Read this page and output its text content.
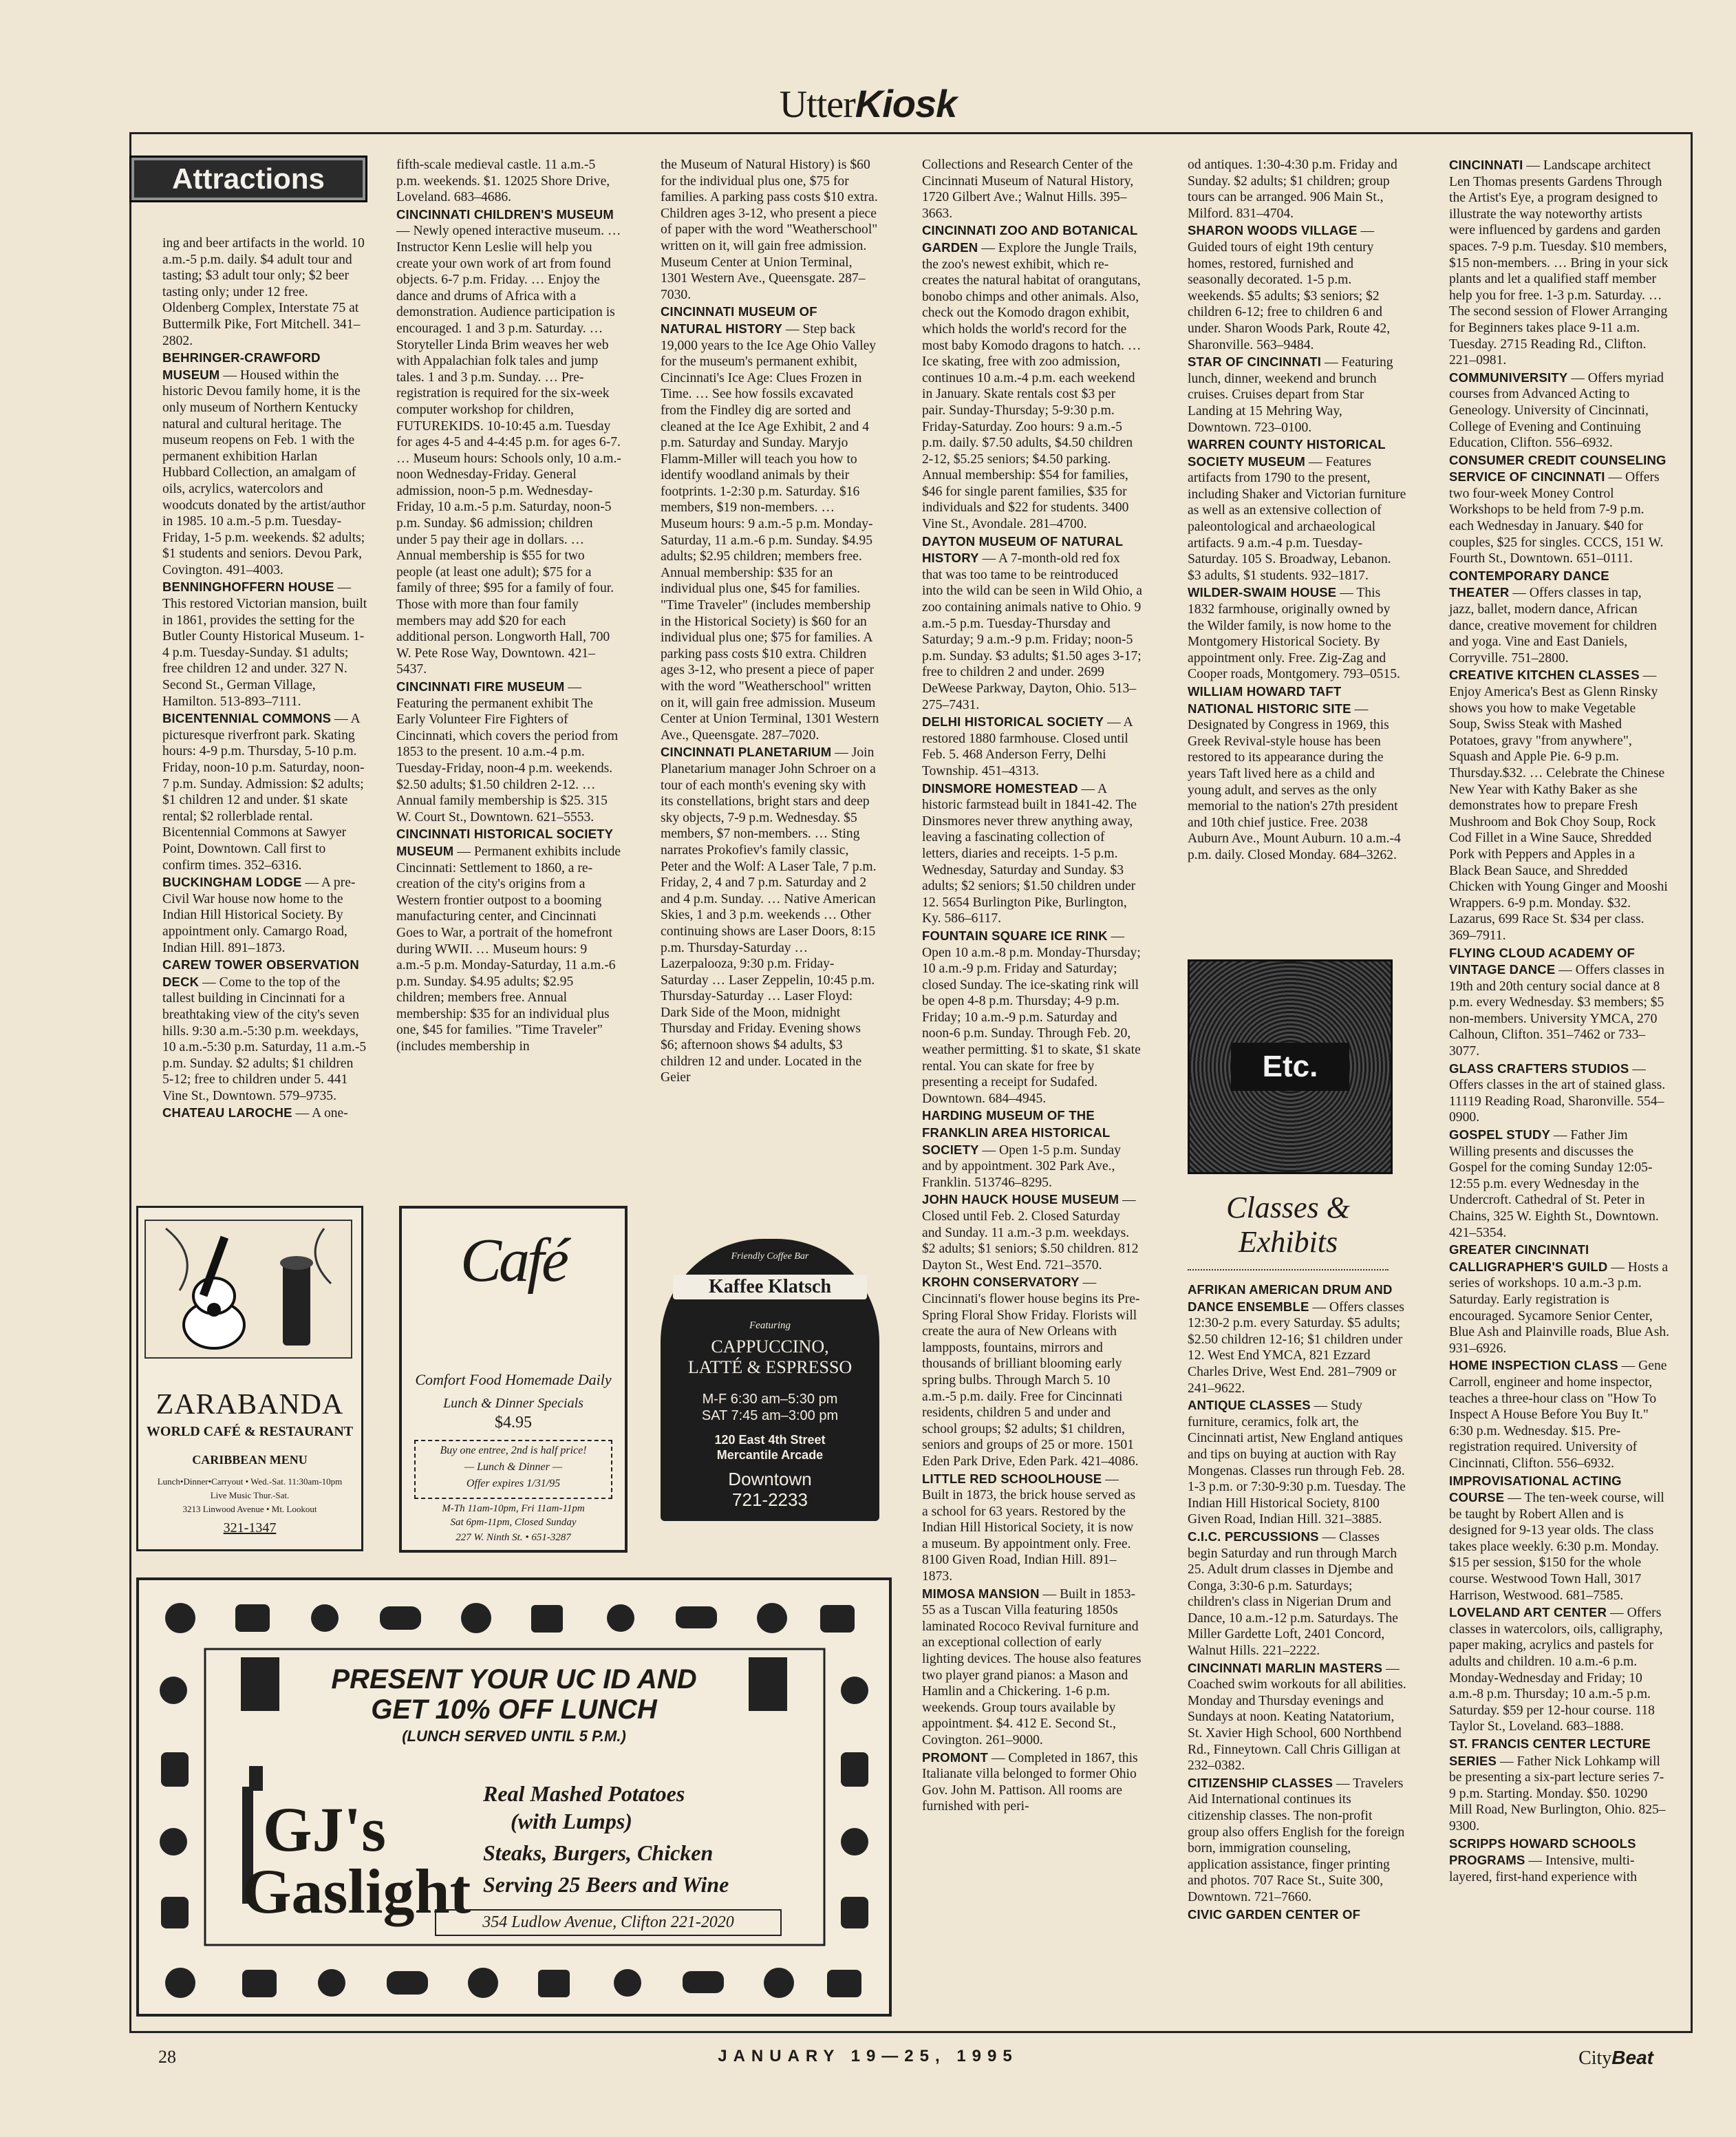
UtterKiosk
Attractions

ing and beer artifacts in the world. 10 a.m.-5 p.m. daily. $4 adult tour and tasting; $3 adult tour only; $2 beer tasting only; under 12 free. Oldenberg Complex, Interstate 75 at Buttermilk Pike, Fort Mitchell. 341–2802.

BEHRINGER-CRAWFORD MUSEUM — Housed within the historic Devou family home, it is the only museum of Northern Kentucky natural and cultural heritage. The museum reopens on Feb. 1 with the permanent exhibition Harlan Hubbard Collection, an amalgam of oils, acrylics, watercolors and woodcuts donated by the artist/author in 1985. 10 a.m.-5 p.m. Tuesday-Friday, 1-5 p.m. weekends. $2 adults; $1 students and seniors. Devou Park, Covington. 491–4003.

BENNINGHOFFERN HOUSE — This restored Victorian mansion, built in 1861, provides the setting for the Butler County Historical Museum. 1-4 p.m. Tuesday-Sunday. $1 adults; free children 12 and under. 327 N. Second St., German Village, Hamilton. 513-893–7111.

BICENTENNIAL COMMONS — A picturesque riverfront park. Skating hours: 4-9 p.m. Thursday, 5-10 p.m. Friday, noon-10 p.m. Saturday, noon-7 p.m. Sunday. Admission: $2 adults; $1 children 12 and under. $1 skate rental; $2 rollerblade rental. Bicentennial Commons at Sawyer Point, Downtown. Call first to confirm times. 352–6316.

BUCKINGHAM LODGE — A pre-Civil War house now home to the Indian Hill Historical Society. By appointment only. Camargo Road, Indian Hill. 891–1873.

CAREW TOWER OBSERVATION DECK — Come to the top of the tallest building in Cincinnati for a breathtaking view of the city's seven hills. 9:30 a.m.-5:30 p.m. weekdays, 10 a.m.-5:30 p.m. Saturday, 11 a.m.-5 p.m. Sunday. $2 adults; $1 children 5-12; free to children under 5. 441 Vine St., Downtown. 579–9735.

CHATEAU LAROCHE — A one-

fifth-scale medieval castle. 11 a.m.-5 p.m. weekends. $1. 12025 Shore Drive, Loveland. 683–4686.

CINCINNATI CHILDREN'S MUSEUM — Newly opened interactive museum. … Instructor Kenn Leslie will help you create your own work of art from found objects. 6-7 p.m. Friday. … Enjoy the dance and drums of Africa with a demonstration. Audience participation is encouraged. 1 and 3 p.m. Saturday. … Storyteller Linda Brim weaves her web with Appalachian folk tales and jump tales. 1 and 3 p.m. Sunday. … Pre-registration is required for the six-week computer workshop for children, FUTUREKIDS. 10-10:45 a.m. Tuesday for ages 4-5 and 4-4:45 p.m. for ages 6-7. … Museum hours: Schools only, 10 a.m.-noon Wednesday-Friday. General admission, noon-5 p.m. Wednesday-Friday, 10 a.m.-5 p.m. Saturday, noon-5 p.m. Sunday. $6 admission; children under 5 pay their age in dollars. … Annual membership is $55 for two people (at least one adult); $75 for a family of three; $95 for a family of four. Those with more than four family members may add $20 for each additional person. Longworth Hall, 700 W. Pete Rose Way, Downtown. 421–5437.

CINCINNATI FIRE MUSEUM — Featuring the permanent exhibit The Early Volunteer Fire Fighters of Cincinnati, which covers the period from 1853 to the present. 10 a.m.-4 p.m. Tuesday-Friday, noon-4 p.m. weekends. $2.50 adults; $1.50 children 2-12. … Annual family membership is $25. 315 W. Court St., Downtown. 621–5553.

CINCINNATI HISTORICAL SOCIETY MUSEUM — Permanent exhibits include Cincinnati: Settlement to 1860, a re-creation of the city's origins from a Western frontier outpost to a booming manufacturing center, and Cincinnati Goes to War, a portrait of the homefront during WWII. … Museum hours: 9 a.m.-5 p.m. Monday-Saturday, 11 a.m.-6 p.m. Sunday. $4.95 adults; $2.95 children; members free. Annual membership: $35 for an individual plus one, $45 for families. "Time Traveler" (includes membership in

the Museum of Natural History) is $60 for the individual plus one, $75 for families. A parking pass costs $10 extra. Children ages 3-12, who present a piece of paper with the word "Weatherschool" written on it, will gain free admission. Museum Center at Union Terminal, 1301 Western Ave., Queensgate. 287–7030.

CINCINNATI MUSEUM OF NATURAL HISTORY — Step back 19,000 years to the Ice Age Ohio Valley for the museum's permanent exhibit, Cincinnati's Ice Age: Clues Frozen in Time. … See how fossils excavated from the Findley dig are sorted and cleaned at the Ice Age Exhibit, 2 and 4 p.m. Saturday and Sunday. Maryjo Flamm-Miller will teach you how to identify woodland animals by their footprints. 1-2:30 p.m. Saturday. $16 members, $19 non-members. … Museum hours: 9 a.m.-5 p.m. Monday-Saturday, 11 a.m.-6 p.m. Sunday. $4.95 adults; $2.95 children; members free. Annual membership: $35 for an individual plus one, $45 for families. "Time Traveler" (includes membership in the Historical Society) is $60 for an individual plus one; $75 for families. A parking pass costs $10 extra. Children ages 3-12, who present a piece of paper with the word "Weatherschool" written on it, will gain free admission. Museum Center at Union Terminal, 1301 Western Ave., Queensgate. 287–7020.

CINCINNATI PLANETARIUM — Join Planetarium manager John Schroer on a tour of each month's evening sky with its constellations, bright stars and deep sky objects, 7-9 p.m. Wednesday. $5 members, $7 non-members. … Sting narrates Prokofiev's family classic, Peter and the Wolf: A Laser Tale, 7 p.m. Friday, 2, 4 and 7 p.m. Saturday and 2 and 4 p.m. Sunday. … Native American Skies, 1 and 3 p.m. weekends … Other continuing shows are Laser Doors, 8:15 p.m. Thursday-Saturday … Lazerpalooza, 9:30 p.m. Friday-Saturday … Laser Zeppelin, 10:45 p.m. Thursday-Saturday … Laser Floyd: Dark Side of the Moon, midnight Thursday and Friday. Evening shows $6; afternoon shows $4 adults, $3 children 12 and under. Located in the Geier

Collections and Research Center of the Cincinnati Museum of Natural History, 1720 Gilbert Ave.; Walnut Hills. 395–3663.

CINCINNATI ZOO AND BOTANICAL GARDEN — Explore the Jungle Trails, the zoo's newest exhibit, which re-creates the natural habitat of orangutans, bonobo chimps and other animals. Also, check out the Komodo dragon exhibit, which holds the world's record for the most baby Komodo dragons to hatch. … Ice skating, free with zoo admission, continues 10 a.m.-4 p.m. each weekend in January. Skate rentals cost $3 per pair. Sunday-Thursday; 5-9:30 p.m. Friday-Saturday. Zoo hours: 9 a.m.-5 p.m. daily. $7.50 adults, $4.50 children 2-12, $5.25 seniors; $4.50 parking. Annual membership: $54 for families, $46 for single parent families, $35 for individuals and $22 for students. 3400 Vine St., Avondale. 281–4700.

DAYTON MUSEUM OF NATURAL HISTORY — A 7-month-old red fox that was too tame to be reintroduced into the wild can be seen in Wild Ohio, a zoo containing animals native to Ohio. 9 a.m.-5 p.m. Tuesday-Thursday and Saturday; 9 a.m.-9 p.m. Friday; noon-5 p.m. Sunday. $3 adults; $1.50 ages 3-17; free to children 2 and under. 2699 DeWeese Parkway, Dayton, Ohio. 513–275–7431.

DELHI HISTORICAL SOCIETY — A restored 1880 farmhouse. Closed until Feb. 5. 468 Anderson Ferry, Delhi Township. 451–4313.

DINSMORE HOMESTEAD — A historic farmstead built in 1841-42. The Dinsmores never threw anything away, leaving a fascinating collection of letters, diaries and receipts. 1-5 p.m. Wednesday, Saturday and Sunday. $3 adults; $2 seniors; $1.50 children under 12. 5654 Burlington Pike, Burlington, Ky. 586–6117.

FOUNTAIN SQUARE ICE RINK — Open 10 a.m.-8 p.m. Monday-Thursday; 10 a.m.-9 p.m. Friday and Saturday; closed Sunday. The ice-skating rink will be open 4-8 p.m. Thursday; 4-9 p.m. Friday; 10 a.m.-9 p.m. Saturday and noon-6 p.m. Sunday. Through Feb. 20, weather permitting. $1 to skate, $1 skate rental. You can skate for free by presenting a receipt for Sudafed. Downtown. 684–4945.

HARDING MUSEUM OF THE FRANKLIN AREA HISTORICAL SOCIETY — Open 1-5 p.m. Sunday and by appointment. 302 Park Ave., Franklin. 513746–8295.

JOHN HAUCK HOUSE MUSEUM — Closed until Feb. 2. Closed Saturday and Sunday. 11 a.m.-3 p.m. weekdays. $2 adults; $1 seniors; $.50 children. 812 Dayton St., West End. 721–3570.

KROHN CONSERVATORY — Cincinnati's flower house begins its Pre-Spring Floral Show Friday. Florists will create the aura of New Orleans with lampposts, fountains, mirrors and thousands of brilliant blooming early spring bulbs. Through March 5. 10 a.m.-5 p.m. daily. Free for Cincinnati residents, children 5 and under and school groups; $2 adults; $1 children, seniors and groups of 25 or more. 1501 Eden Park Drive, Eden Park. 421–4086.

LITTLE RED SCHOOLHOUSE — Built in 1873, the brick house served as a school for 63 years. Restored by the Indian Hill Historical Society, it is now a museum. By appointment only. Free. 8100 Given Road, Indian Hill. 891–1873.

MIMOSA MANSION — Built in 1853-55 as a Tuscan Villa featuring 1850s laminated Rococo Revival furniture and an exceptional collection of early lighting devices. The house also features two player grand pianos: a Mason and Hamlin and a Chickering. 1-6 p.m. weekends. Group tours available by appointment. $4. 412 E. Second St., Covington. 261–9000.

PROMONT — Completed in 1867, this Italianate villa belonged to former Ohio Gov. John M. Pattison. All rooms are furnished with peri-

od antiques. 1:30-4:30 p.m. Friday and Sunday. $2 adults; $1 children; group tours can be arranged. 906 Main St., Milford. 831–4704.

SHARON WOODS VILLAGE — Guided tours of eight 19th century homes, restored, furnished and seasonally decorated. 1-5 p.m. weekends. $5 adults; $3 seniors; $2 children 6-12; free to children 6 and under. Sharon Woods Park, Route 42, Sharonville. 563–9484.

STAR OF CINCINNATI — Featuring lunch, dinner, weekend and brunch cruises. Cruises depart from Star Landing at 15 Mehring Way, Downtown. 723–0100.

WARREN COUNTY HISTORICAL SOCIETY MUSEUM — Features artifacts from 1790 to the present, including Shaker and Victorian furniture as well as an extensive collection of paleontological and archaeological artifacts. 9 a.m.-4 p.m. Tuesday-Saturday. 105 S. Broadway, Lebanon. $3 adults, $1 students. 932–1817.

WILDER-SWAIM HOUSE — This 1832 farmhouse, originally owned by the Wilder family, is now home to the Montgomery Historical Society. By appointment only. Free. Zig-Zag and Cooper roads, Montgomery. 793–0515.

WILLIAM HOWARD TAFT NATIONAL HISTORIC SITE — Designated by Congress in 1969, this Greek Revival-style house has been restored to its appearance during the years Taft lived here as a child and young adult, and serves as the only memorial to the nation's 27th president and 10th chief justice. Free. 2038 Auburn Ave., Mount Auburn. 10 a.m.-4 p.m. daily. Closed Monday. 684–3262.

AFRIKAN AMERICAN DRUM AND DANCE ENSEMBLE — Offers classes 12:30-2 p.m. every Saturday. $5 adults; $2.50 children 12-16; $1 children under 12. West End YMCA, 821 Ezzard Charles Drive, West End. 281–7909 or 241–9622.

ANTIQUE CLASSES — Study furniture, ceramics, folk art, the Cincinnati artist, New England antiques and tips on buying at auction with Ray Mongenas. Classes run through Feb. 28. 1-3 p.m. or 7:30-9:30 p.m. Tuesday. The Indian Hill Historical Society, 8100 Given Road, Indian Hill. 321–3885.

C.I.C. PERCUSSIONS — Classes begin Saturday and run through March 25. Adult drum classes in Djembe and Conga, 3:30-6 p.m. Saturdays; children's class in Nigerian Drum and Dance, 10 a.m.-12 p.m. Saturdays. The Miller Gardette Loft, 2401 Concord, Walnut Hills. 221–2222.

CINCINNATI MARLIN MASTERS — Coached swim workouts for all abilities. Monday and Thursday evenings and Sundays at noon. Keating Natatorium, St. Xavier High School, 600 Northbend Rd., Finneytown. Call Chris Gilligan at 232–0382.

CITIZENSHIP CLASSES — Travelers Aid International continues its citizenship classes. The non-profit group also offers English for the foreign born, immigration counseling, application assistance, finger printing and photos. 707 Race St., Suite 300, Downtown. 721–7660.

CIVIC GARDEN CENTER OF

CINCINNATI — Landscape architect Len Thomas presents Gardens Through the Artist's Eye, a program designed to illustrate the way noteworthy artists were influenced by gardens and garden spaces. 7-9 p.m. Tuesday. $10 members, $15 non-members. … Bring in your sick plants and let a qualified staff member help you for free. 1-3 p.m. Saturday. … The second session of Flower Arranging for Beginners takes place 9-11 a.m. Tuesday. 2715 Reading Rd., Clifton. 221–0981.

COMMUNIVERSITY — Offers myriad courses from Advanced Acting to Geneology. University of Cincinnati, College of Evening and Continuing Education, Clifton. 556–6932.

CONSUMER CREDIT COUNSELING SERVICE OF CINCINNATI — Offers two four-week Money Control Workshops to be held from 7-9 p.m. each Wednesday in January. $40 for couples, $25 for singles. CCCS, 151 W. Fourth St., Downtown. 651–0111.

CONTEMPORARY DANCE THEATER — Offers classes in tap, jazz, ballet, modern dance, African dance, creative movement for children and yoga. Vine and East Daniels, Corryville. 751–2800.

CREATIVE KITCHEN CLASSES — Enjoy America's Best as Glenn Rinsky shows you how to make Vegetable Soup, Swiss Steak with Mashed Potatoes, gravy "from anywhere", Squash and Apple Pie. 6-9 p.m. Thursday.$32. … Celebrate the Chinese New Year with Kathy Baker as she demonstrates how to prepare Fresh Mushroom and Bok Choy Soup, Rock Cod Fillet in a Wine Sauce, Shredded Pork with Peppers and Apples in a Black Bean Sauce, and Shredded Chicken with Young Ginger and Mooshi Wrappers. 6-9 p.m. Monday. $32. Lazarus, 699 Race St. $34 per class. 369–7911.

FLYING CLOUD ACADEMY OF VINTAGE DANCE — Offers classes in 19th and 20th century social dance at 8 p.m. every Wednesday. $3 members; $5 non-members. University YMCA, 270 Calhoun, Clifton. 351–7462 or 733–3077.

GLASS CRAFTERS STUDIOS — Offers classes in the art of stained glass. 11119 Reading Road, Sharonville. 554–0900.

GOSPEL STUDY — Father Jim Willing presents and discusses the Gospel for the coming Sunday 12:05-12:55 p.m. every Wednesday in the Undercroft. Cathedral of St. Peter in Chains, 325 W. Eighth St., Downtown. 421–5354.

GREATER CINCINNATI CALLIGRAPHER'S GUILD — Hosts a series of workshops. 10 a.m.-3 p.m. Saturday. Early registration is encouraged. Sycamore Senior Center, Blue Ash and Plainville roads, Blue Ash. 931–6926.

HOME INSPECTION CLASS — Gene Carroll, engineer and home inspector, teaches a three-hour class on "How To Inspect A House Before You Buy It." 6:30 p.m. Wednesday. $15. Pre-registration required. University of Cincinnati, Clifton. 556–6932.

IMPROVISATIONAL ACTING COURSE — The ten-week course, will be taught by Robert Allen and is designed for 9-13 year olds. The class takes place weekly. 6:30 p.m. Monday. $15 per session, $150 for the whole course. Westwood Town Hall, 3017 Harrison, Westwood. 681–7585.

LOVELAND ART CENTER — Offers classes in watercolors, oils, calligraphy, paper making, acrylics and pastels for adults and children. 10 a.m.-6 p.m. Monday-Wednesday and Friday; 10 a.m.-8 p.m. Thursday; 10 a.m.-5 p.m. Saturday. $59 per 12-hour course. 118 Taylor St., Loveland. 683–1888.

ST. FRANCIS CENTER LECTURE SERIES — Father Nick Lohkamp will be presenting a six-part lecture series 7-9 p.m. Starting. Monday. $50. 10290 Mill Road, New Burlington, Ohio. 825–9300.

SCRIPPS HOWARD SCHOOLS PROGRAMS — Intensive, multi-layered, first-hand experience with

Etc.
Classes & Exhibits
ZARABANDA
WORLD CAFÉ & RESTAURANT
CARIBBEAN MENU
Lunch•Dinner•Carryout • Wed.-Sat. 11:30am-10pm
Live Music Thur.-Sat.
3213 Linwood Avenue • Mt. Lookout
321-1347
Café
Comfort Food Homemade Daily
Lunch & Dinner Specials
$4.95
Buy one entree, 2nd is half price!
— Lunch & Dinner —
Offer expires 1/31/95
M-Th 11am-10pm, Fri 11am-11pm
Sat 6pm-11pm, Closed Sunday
227 W. Ninth St. • 651-3287
Friendly Coffee Bar
Kaffee Klatsch
Featuring
CAPPUCCINO,
LATTÉ & ESPRESSO
M-F 6:30 am–5:30 pm
SAT 7:45 am–3:00 pm
120 East 4th Street
Mercantile Arcade
Downtown
721-2233
PRESENT YOUR UC ID AND
GET 10% OFF LUNCH
(LUNCH SERVED UNTIL 5 P.M.)
GJ's
Gaslight
Real Mashed Potatoes
(with Lumps)
Steaks, Burgers, Chicken
Serving 25 Beers and Wine
354 Ludlow Avenue, Clifton 221-2020
28	JANUARY 19—25, 1995	CityBeat
